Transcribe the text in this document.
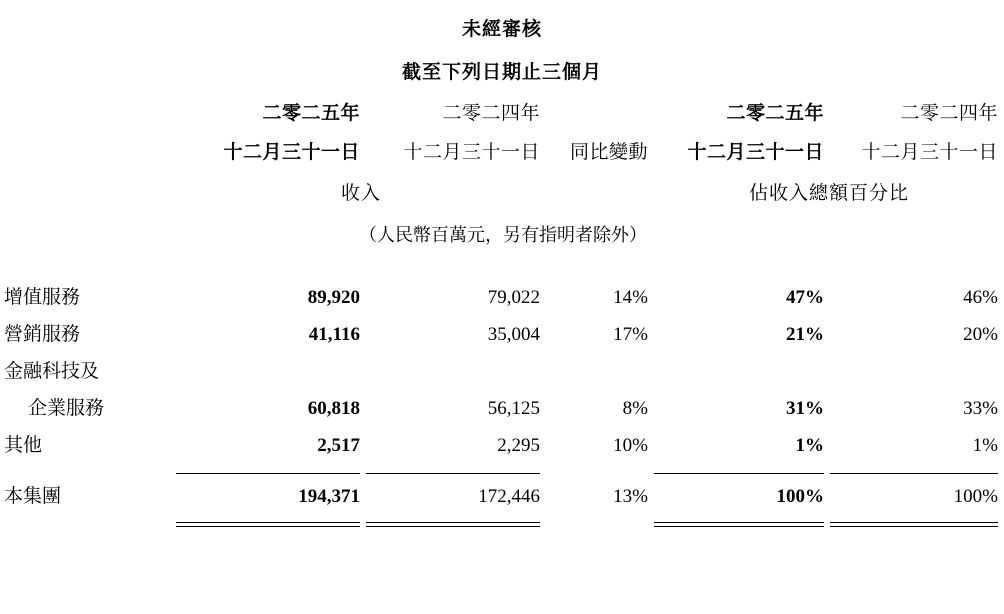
未經審核
截至下列日期止三個月
	二零二五年	二零二四年		二零二五年	二零二四年
	十二月三十一日	十二月三十一日	同比變動	十二月三十一日	十二月三十一日
	收入			佔收入總額百分比	
	（人民幣百萬元，另有指明者除外）				

增值服務	89,920	79,022	14%	47%	46%
營銷服務	41,116	35,004	17%	21%	20%
金融科技及					
企業服務	60,818	56,125	8%	31%	33%
其他	2,517	2,295	10%	1%	1%

本集團	194,371	172,446	13%	100%	100%
